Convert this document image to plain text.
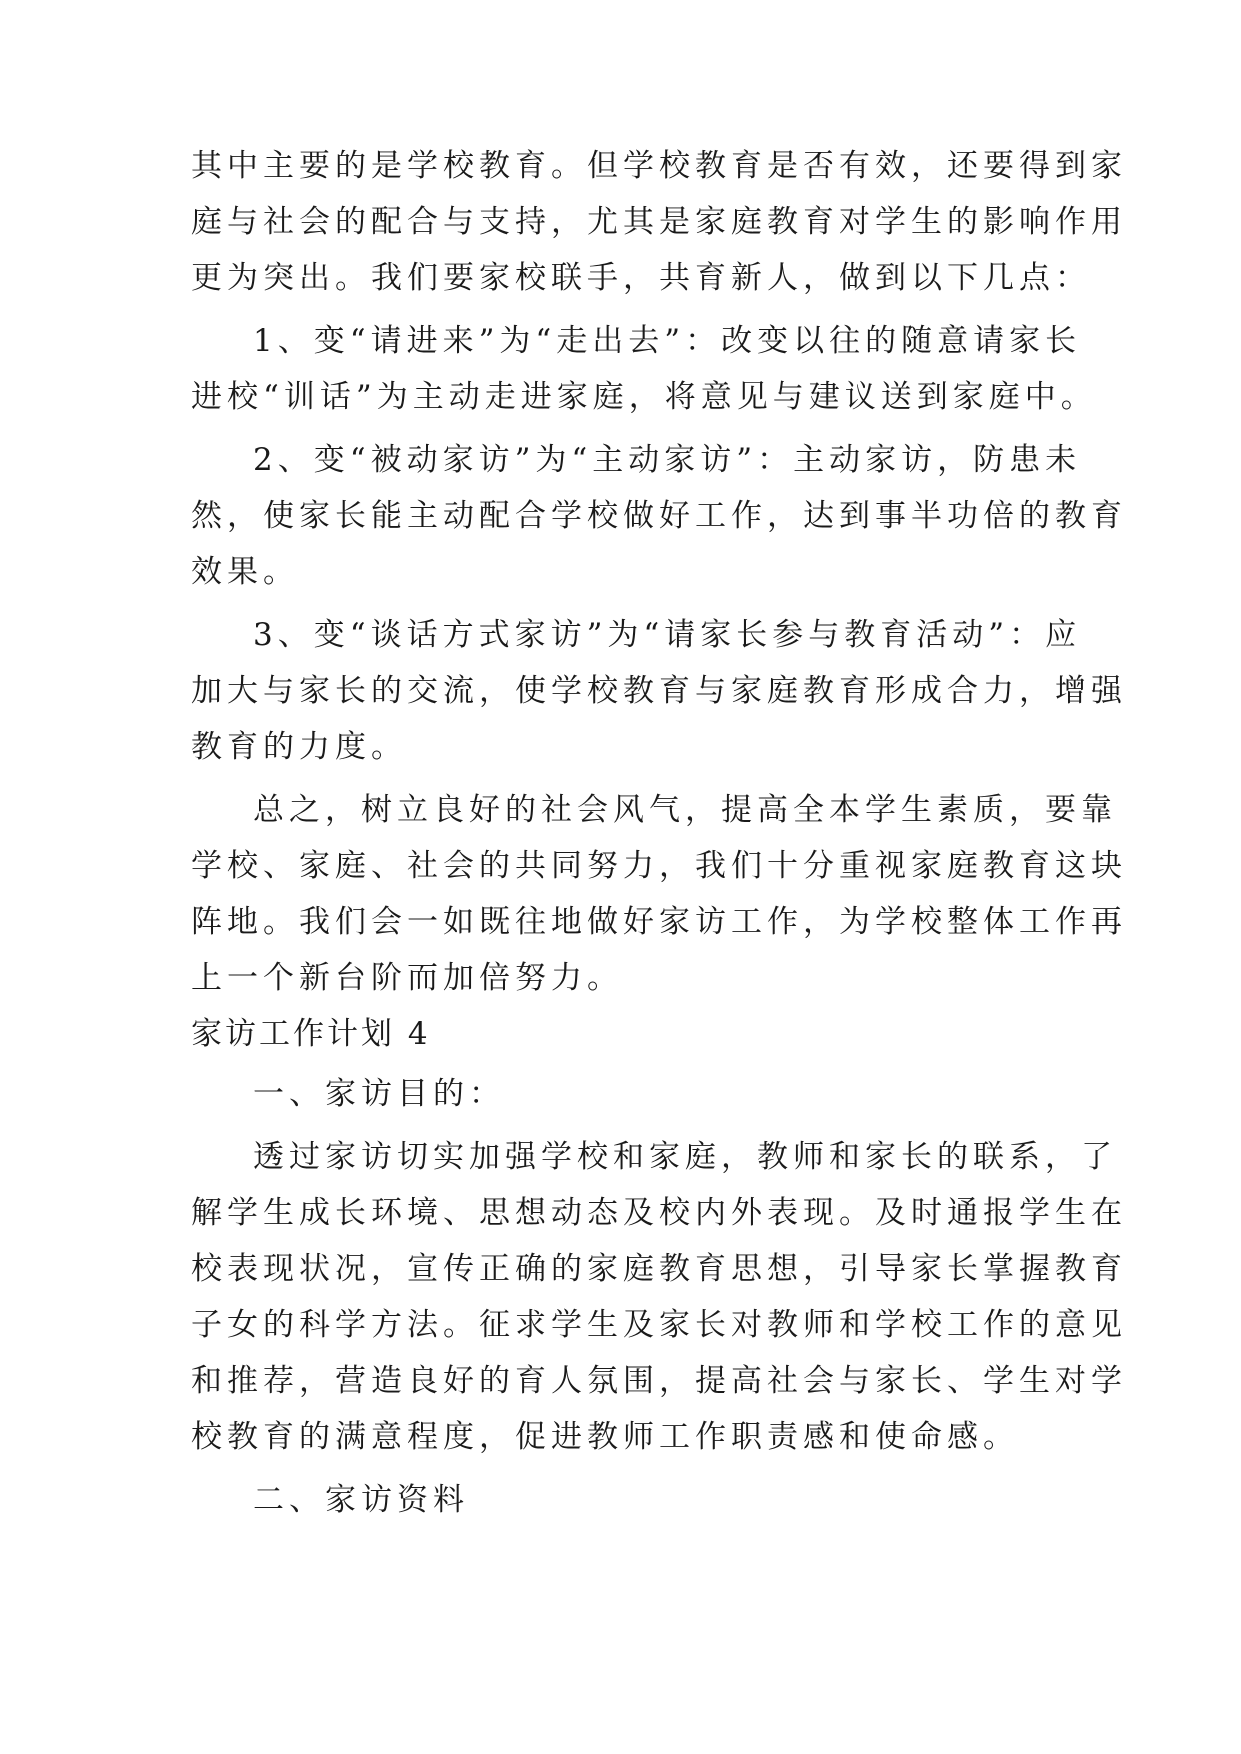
其中主要的是学校教育。但学校教育是否有效，还要得到家
庭与社会的配合与支持，尤其是家庭教育对学生的影响作用
更为突出。我们要家校联手，共育新人，做到以下几点：
1、变“请进来”为“走出去”：改变以往的随意请家长
进校“训话”为主动走进家庭，将意见与建议送到家庭中。
2、变“被动家访”为“主动家访”：主动家访，防患未
然，使家长能主动配合学校做好工作，达到事半功倍的教育
效果。
3、变“谈话方式家访”为“请家长参与教育活动”：应
加大与家长的交流，使学校教育与家庭教育形成合力，增强
教育的力度。
总之，树立良好的社会风气，提高全本学生素质，要靠
学校、家庭、社会的共同努力，我们十分重视家庭教育这块
阵地。我们会一如既往地做好家访工作，为学校整体工作再
上一个新台阶而加倍努力。
家访工作计划 4
一、家访目的：
透过家访切实加强学校和家庭，教师和家长的联系，了
解学生成长环境、思想动态及校内外表现。及时通报学生在
校表现状况，宣传正确的家庭教育思想，引导家长掌握教育
子女的科学方法。征求学生及家长对教师和学校工作的意见
和推荐，营造良好的育人氛围，提高社会与家长、学生对学
校教育的满意程度，促进教师工作职责感和使命感。
二、家访资料
